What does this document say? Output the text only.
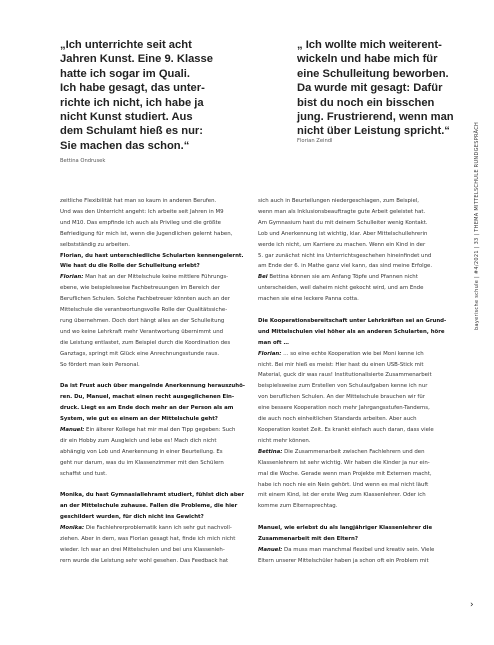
„Ich unterrichte seit acht
Jahren Kunst. Eine 9. Klasse
hatte ich sogar im Quali.
Ich habe gesagt, das unter-
richte ich nicht, ich habe ja
nicht Kunst studiert. Aus
dem Schulamt hieß es nur:
Sie machen das schon.“
Bettina Ondrusek
„ Ich wollte mich weiterent-
wickeln und habe mich für
eine Schulleitung beworben.
Da wurde mit gesagt: Dafür
bist du noch ein bisschen
jung. Frustrierend, wenn man
nicht über Leistung spricht.“
Florian Zeindl
zeitliche Flexibilität hat man so kaum in anderen Berufen.
Und was den Unterricht angeht: Ich arbeite seit Jahren in M9
und M10. Das empfinde ich auch als Privileg und die größte
Befriedigung für mich ist, wenn die Jugendlichen gelernt haben,
selbstständig zu arbeiten.
Florian, du hast unterschiedliche Schularten kennengelernt.
Wie hast du die Rolle der Schulleitung erlebt?
Florian: Man hat an der Mittelschule keine mittlere Führungs-
ebene, wie beispielsweise Fachbetreuungen im Bereich der
Beruflichen Schulen. Solche Fachbetreuer könnten auch an der
Mittelschule die verantwortungsvolle Rolle der Qualitätssiche-
rung übernehmen. Doch dort hängt alles an der Schulleitung
und wo keine Lehrkraft mehr Verantwortung übernimmt und
die Leistung entlastet, zum Beispiel durch die Koordination des
Ganztags, springt mit Glück eine Anrechnungsstunde raus.
So fördert man kein Personal.
Da ist Frust auch über mangelnde Anerkennung herauszuhö-
ren. Du, Manuel, machst einen recht ausgeglichenen Ein-
druck. Liegt es am Ende doch mehr an der Person als am
System, wie gut es einem an der Mittelschule geht?
Manuel: Ein älterer Kollege hat mir mal den Tipp gegeben: Such
dir ein Hobby zum Ausgleich und lebe es! Mach dich nicht
abhängig von Lob und Anerkennung in einer Beurteilung. Es
geht nur darum, was du im Klassenzimmer mit den Schülern
schaffst und tust.
Monika, du hast Gymnasiallehramt studiert, fühlst dich aber
an der Mittelschule zuhause. Fallen die Probleme, die hier
geschildert wurden, für dich nicht ins Gewicht?
Monika: Die Fachlehrerproblematik kann ich sehr gut nachvoll-
ziehen. Aber in dem, was Florian gesagt hat, finde ich mich nicht
wieder. Ich war an drei Mittelschulen und bei uns Klassenleh-
rern wurde die Leistung sehr wohl gesehen. Das Feedback hat
sich auch in Beurteilungen niedergeschlagen, zum Beispiel,
wenn man als Inklusionsbeauftragte gute Arbeit geleistet hat.
Am Gymnasium hast du mit deinem Schulleiter wenig Kontakt.
Lob und Anerkennung ist wichtig, klar. Aber Mittelschullehrerin
werde ich nicht, um Karriere zu machen. Wenn ein Kind in der
5. gar zunächst nicht ins Unterrichtsgeschehen hineinfindet und
am Ende der 6. in Mathe ganz viel kann, das sind meine Erfolge.
Bei Bettina können sie am Anfang Töpfe und Pfannen nicht
unterscheiden, weil daheim nicht gekocht wird, und am Ende
machen sie eine leckere Panna cotta.
Die Kooperationsbereitschaft unter Lehrkräften sei an Grund-
und Mittelschulen viel höher als an anderen Schularten, höre
man oft …
Florian: … so eine echte Kooperation wie bei Moni kenne ich
nicht. Bei mir hieß es meist: Hier hast du einen USB-Stick mit
Material, guck dir was raus! Institutionalisierte Zusammenarbeit
beispielsweise zum Erstellen von Schulaufgaben kenne ich nur
von beruflichen Schulen. An der Mittelschule brauchen wir für
eine bessere Kooperation noch mehr Jahrgangsstufen-Tandems,
die auch noch einheitlichen Standards arbeiten. Aber auch
Kooperation kostet Zeit. Es krankt einfach auch daran, dass viele
nicht mehr können.
Bettina: Die Zusammenarbeit zwischen Fachlehrern und den
Klassenlehrern ist sehr wichtig. Wir haben die Kinder ja nur ein-
mal die Woche. Gerade wenn man Projekte mit Externen macht,
habe ich noch nie ein Nein gehört. Und wenn es mal nicht läuft
mit einem Kind, ist der erste Weg zum Klassenlehrer. Oder ich
komme zum Elternsprechtag.
Manuel, wie erlebst du als langjähriger Klassenlehrer die
Zusammenarbeit mit den Eltern?
Manuel: Da muss man manchmal flexibel und kreativ sein. Viele
Eltern unserer Mittelschüler haben ja schon oft ein Problem mit
bayerische schule | #4/2021 | 33 | THEMA MITTELSCHULE RUNDGESPRÄCH
›
